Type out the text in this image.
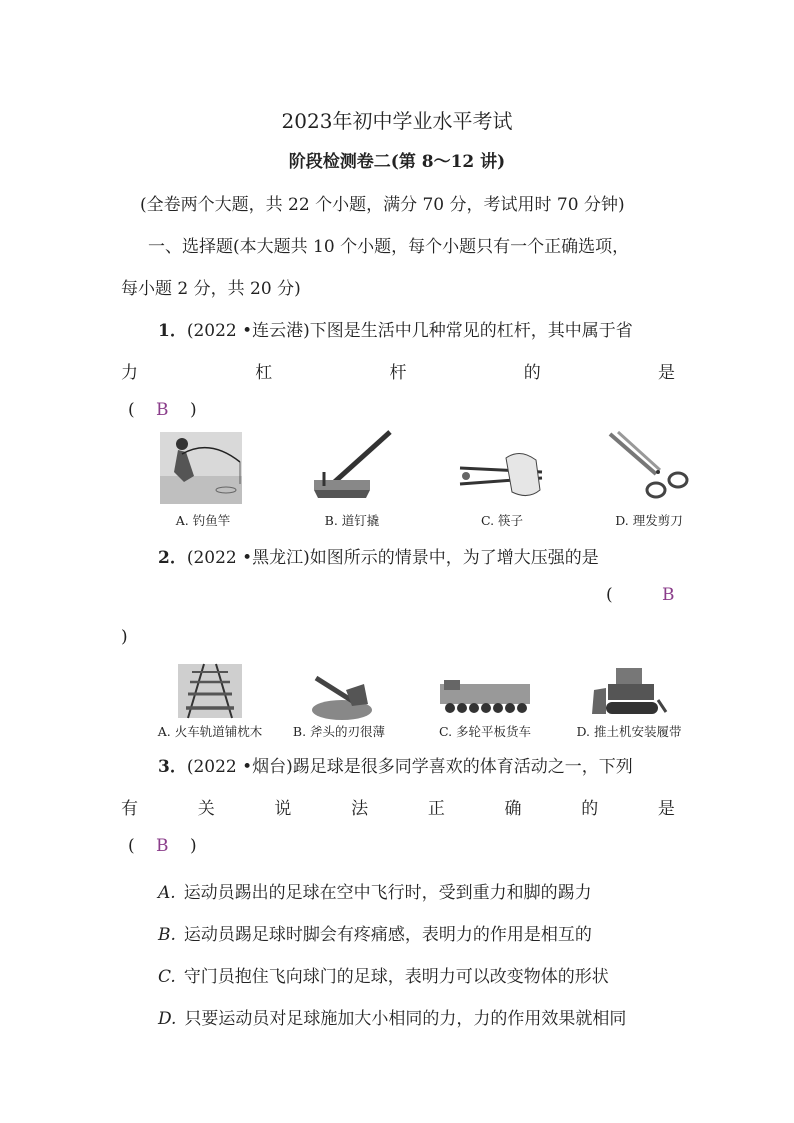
2023年初中学业水平考试
阶段检测卷二(第 8～12 讲)
(全卷两个大题，共 22 个小题，满分 70 分，考试用时 70 分钟)
一、选择题(本大题共 10 个小题，每个小题只有一个正确选项，
每小题 2 分，共 20 分)
1．(2022 •连云港)下图是生活中几种常见的杠杆，其中属于省
力	杠	杆	的	是
( B )
A. 钓鱼竿	B. 道钉撬	C. 筷子	D. 理发剪刀
2．(2022 •黑龙江)如图所示的情景中，为了增大压强的是
(	B
)
A. 火车轨道铺枕木	B. 斧头的刃很薄	C. 多轮平板货车	D. 推土机安装履带
3．(2022 •烟台)踢足球是很多同学喜欢的体育活动之一，下列
有	关	说	法	正	确	的	是
( B )
A. 运动员踢出的足球在空中飞行时，受到重力和脚的踢力
B. 运动员踢足球时脚会有疼痛感，表明力的作用是相互的
C. 守门员抱住飞向球门的足球，表明力可以改变物体的形状
D. 只要运动员对足球施加大小相同的力，力的作用效果就相同
